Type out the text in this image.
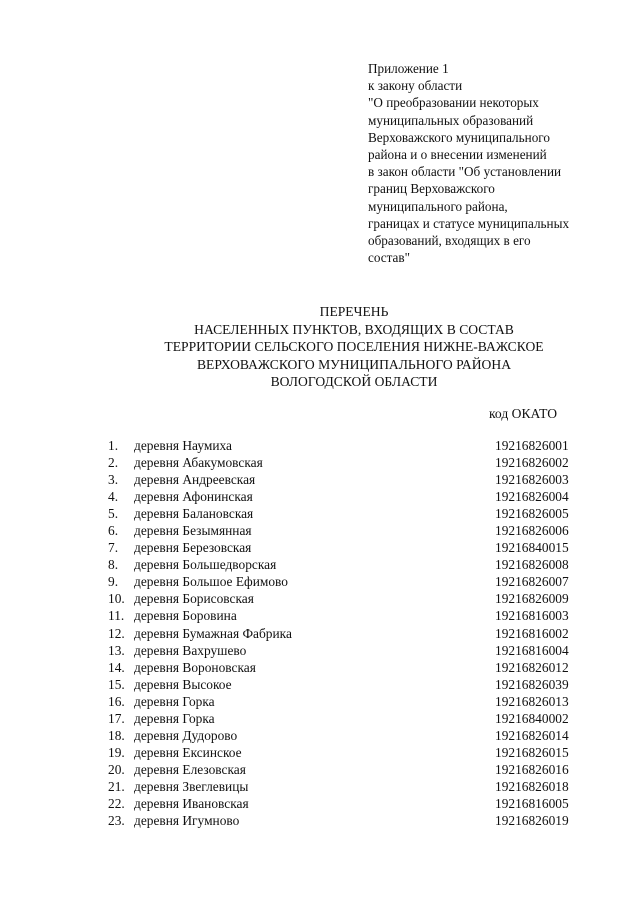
Приложение 1
к закону области
"О преобразовании некоторых
муниципальных образований
Верховажского муниципального
района и о внесении изменений
в закон области "Об установлении
границ Верховажского
муниципального района,
границах и статусе муниципальных
образований, входящих в его
состав"
ПЕРЕЧЕНЬ
НАСЕЛЕННЫХ ПУНКТОВ, ВХОДЯЩИХ В СОСТАВ
ТЕРРИТОРИИ СЕЛЬСКОГО ПОСЕЛЕНИЯ НИЖНЕ-ВАЖСКОЕ
ВЕРХОВАЖСКОГО МУНИЦИПАЛЬНОГО РАЙОНА
ВОЛОГОДСКОЙ ОБЛАСТИ
код ОКАТО
1.	деревня Наумиха	19216826001
2.	деревня Абакумовская	19216826002
3.	деревня Андреевская	19216826003
4.	деревня Афонинская	19216826004
5.	деревня Балановская	19216826005
6.	деревня Безымянная	19216826006
7.	деревня Березовская	19216840015
8.	деревня Большедворская	19216826008
9.	деревня Большое Ефимово	19216826007
10. деревня Борисовская	19216826009
11. деревня Боровина	19216816003
12. деревня Бумажная Фабрика	19216816002
13. деревня Вахрушево	19216816004
14. деревня Вороновская	19216826012
15. деревня Высокое	19216826039
16. деревня Горка	19216826013
17. деревня Горка	19216840002
18. деревня Дудорово	19216826014
19. деревня Ексинское	19216826015
20. деревня Елезовская	19216826016
21. деревня Звеглевицы	19216826018
22. деревня Ивановская	19216816005
23. деревня Игумново	19216826019
